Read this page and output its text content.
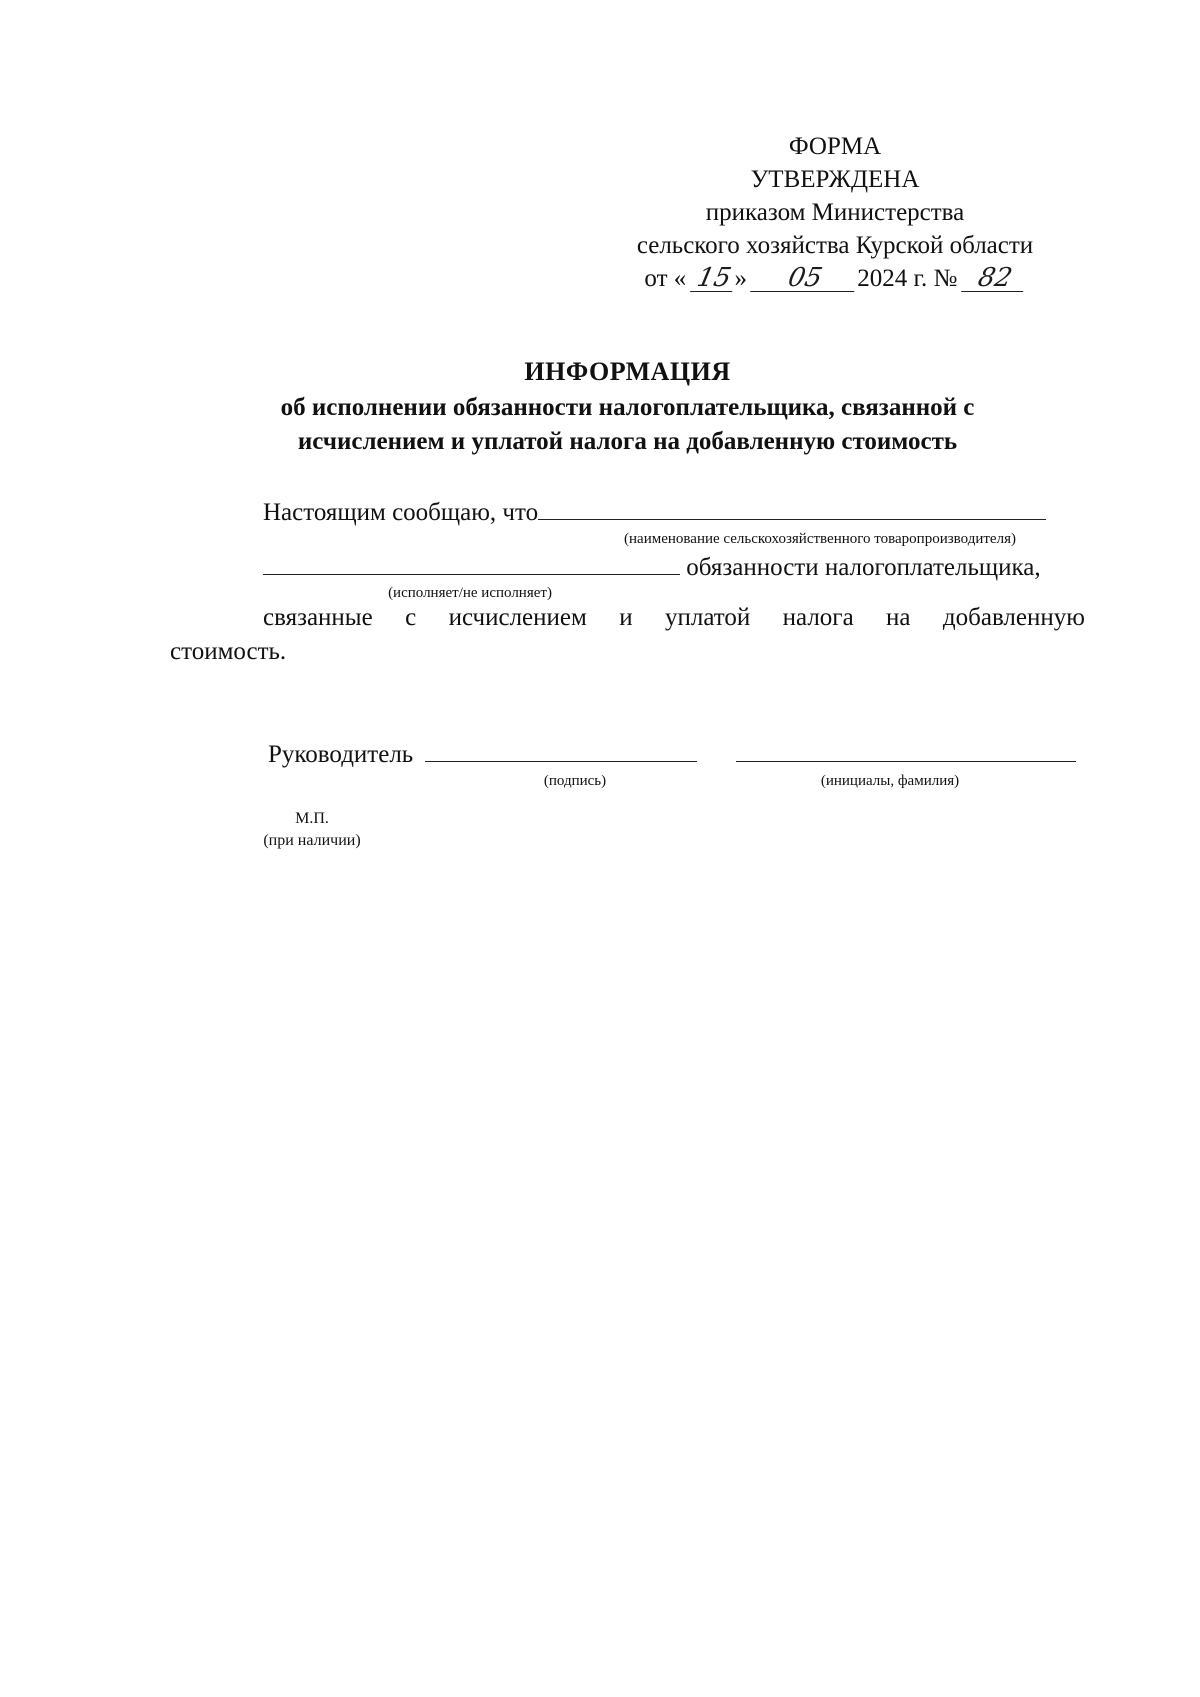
ФОРМА
УТВЕРЖДЕНА
приказом Министерства
сельского хозяйства Курской области
от « 15» 05 2024 г. № 82
ИНФОРМАЦИЯ
об исполнении обязанности налогоплательщика, связанной с
исчислением и уплатой налога на добавленную стоимость
Настоящим сообщаю, что
(наименование сельскохозяйственного товаропроизводителя)
обязанности налогоплательщика,
(исполняет/не исполняет)
связанные с исчислением и уплатой налога на добавленную
стоимость.
Руководитель
(подпись)	(инициалы, фамилия)
М.П.
(при наличии)
